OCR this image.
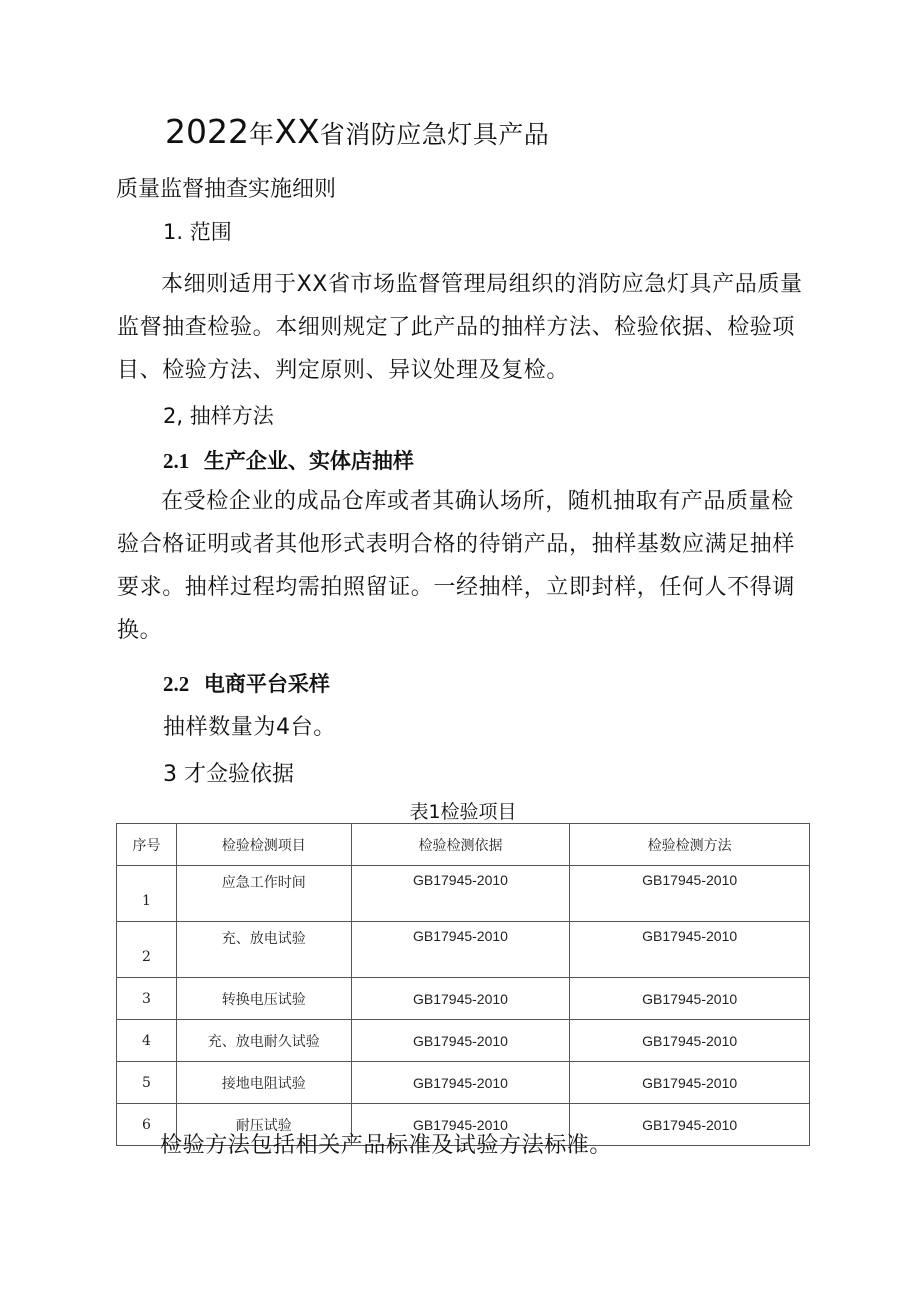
2022年XX省消防应急灯具产品
质量监督抽查实施细则
1. 范围
本细则适用于XX省市场监督管理局组织的消防应急灯具产品质量监督抽查检验。本细则规定了此产品的抽样方法、检验依据、检验项目、检验方法、判定原则、异议处理及复检。
2, 抽样方法
2.1 生产企业、实体店抽样
在受检企业的成品仓库或者其确认场所，随机抽取有产品质量检验合格证明或者其他形式表明合格的待销产品，抽样基数应满足抽样要求。抽样过程均需拍照留证。一经抽样，立即封样，任何人不得调换。
2.2 电商平台采样
抽样数量为4台。
3 才佥验依据
表1检验项目
序号	检验检测项目	检验检测依据	检验检测方法
1	应急工作时间	GB17945-2010	GB17945-2010
2	充、放电试验	GB17945-2010	GB17945-2010
3	转换电压试验	GB17945-2010	GB17945-2010
4	充、放电耐久试验	GB17945-2010	GB17945-2010
5	接地电阻试验	GB17945-2010	GB17945-2010
6	耐压试验	GB17945-2010	GB17945-2010
检验方法包括相关产品标准及试验方法标准。
